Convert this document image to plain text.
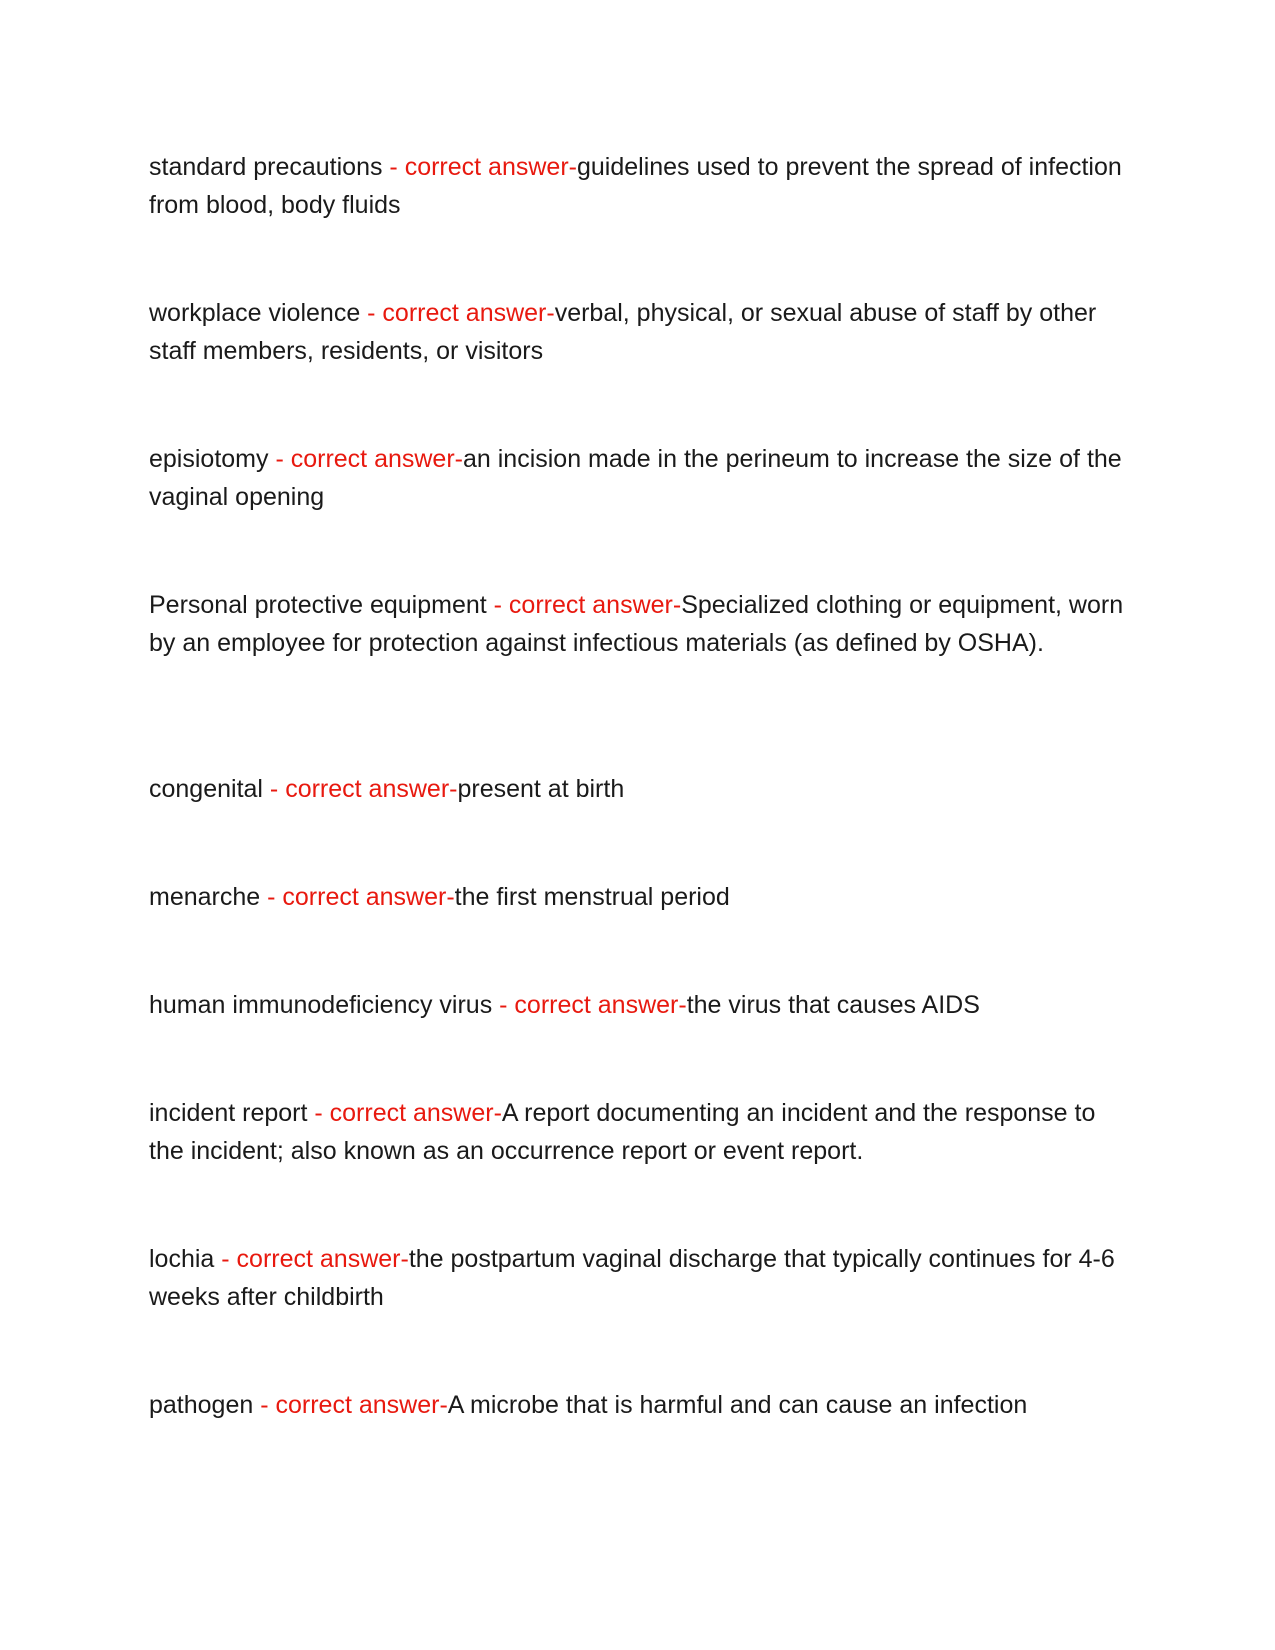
standard precautions - correct answer-guidelines used to prevent the spread of infection from blood, body fluids

workplace violence - correct answer-verbal, physical, or sexual abuse of staff by other staff members, residents, or visitors

episiotomy - correct answer-an incision made in the perineum to increase the size of the vaginal opening

Personal protective equipment - correct answer-Specialized clothing or equipment, worn by an employee for protection against infectious materials (as defined by OSHA).

congenital - correct answer-present at birth

menarche - correct answer-the first menstrual period

human immunodeficiency virus - correct answer-the virus that causes AIDS

incident report - correct answer-A report documenting an incident and the response to the incident; also known as an occurrence report or event report.

lochia - correct answer-the postpartum vaginal discharge that typically continues for 4-6 weeks after childbirth

pathogen - correct answer-A microbe that is harmful and can cause an infection
